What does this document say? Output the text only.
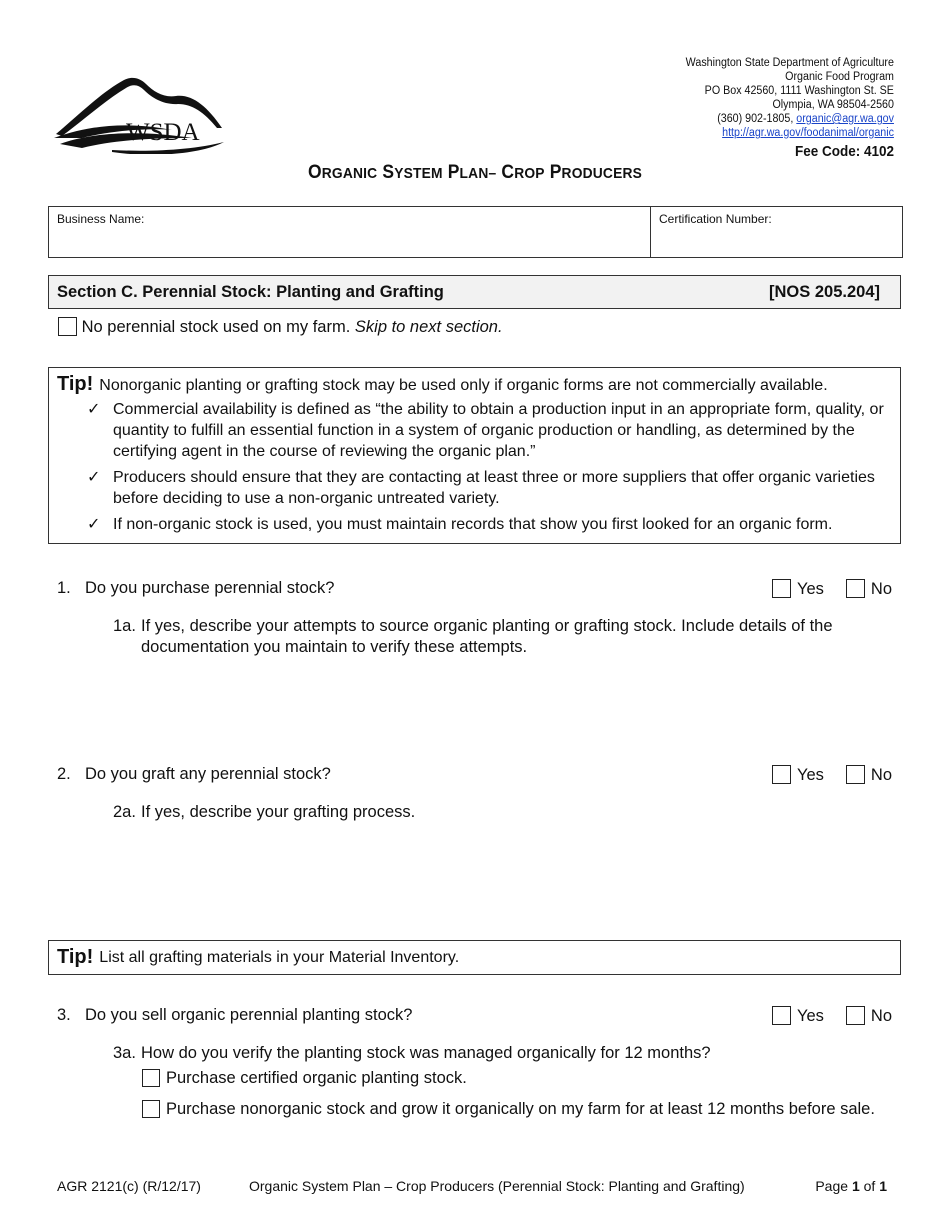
WSDA
Washington State Department of Agriculture
Organic Food Program
PO Box 42560, 1111 Washington St. SE
Olympia, WA 98504-2560
(360) 902-1805, organic@agr.wa.gov
http://agr.wa.gov/foodanimal/organic
Fee Code: 4102
ORGANIC SYSTEM PLAN– CROP PRODUCERS
Business Name:	Certification Number:
Section C. Perennial Stock: Planting and Grafting	[NOS 205.204]
No perennial stock used on my farm. Skip to next section.
Tip! Nonorganic planting or grafting stock may be used only if organic forms are not commercially available.
✓ Commercial availability is defined as “the ability to obtain a production input in an appropriate form, quality, or quantity to fulfill an essential function in a system of organic production or handling, as determined by the certifying agent in the course of reviewing the organic plan.”
✓ Producers should ensure that they are contacting at least three or more suppliers that offer organic varieties before deciding to use a non-organic untreated variety.
✓ If non-organic stock is used, you must maintain records that show you first looked for an organic form.
1. Do you purchase perennial stock?	Yes	No
1a. If yes, describe your attempts to source organic planting or grafting stock. Include details of the documentation you maintain to verify these attempts.
2. Do you graft any perennial stock?	Yes	No
2a. If yes, describe your grafting process.
Tip! List all grafting materials in your Material Inventory.
3. Do you sell organic perennial planting stock?	Yes	No
3a. How do you verify the planting stock was managed organically for 12 months?
Purchase certified organic planting stock.
Purchase nonorganic stock and grow it organically on my farm for at least 12 months before sale.
AGR 2121(c) (R/12/17)	Organic System Plan – Crop Producers (Perennial Stock: Planting and Grafting)	Page 1 of 1
